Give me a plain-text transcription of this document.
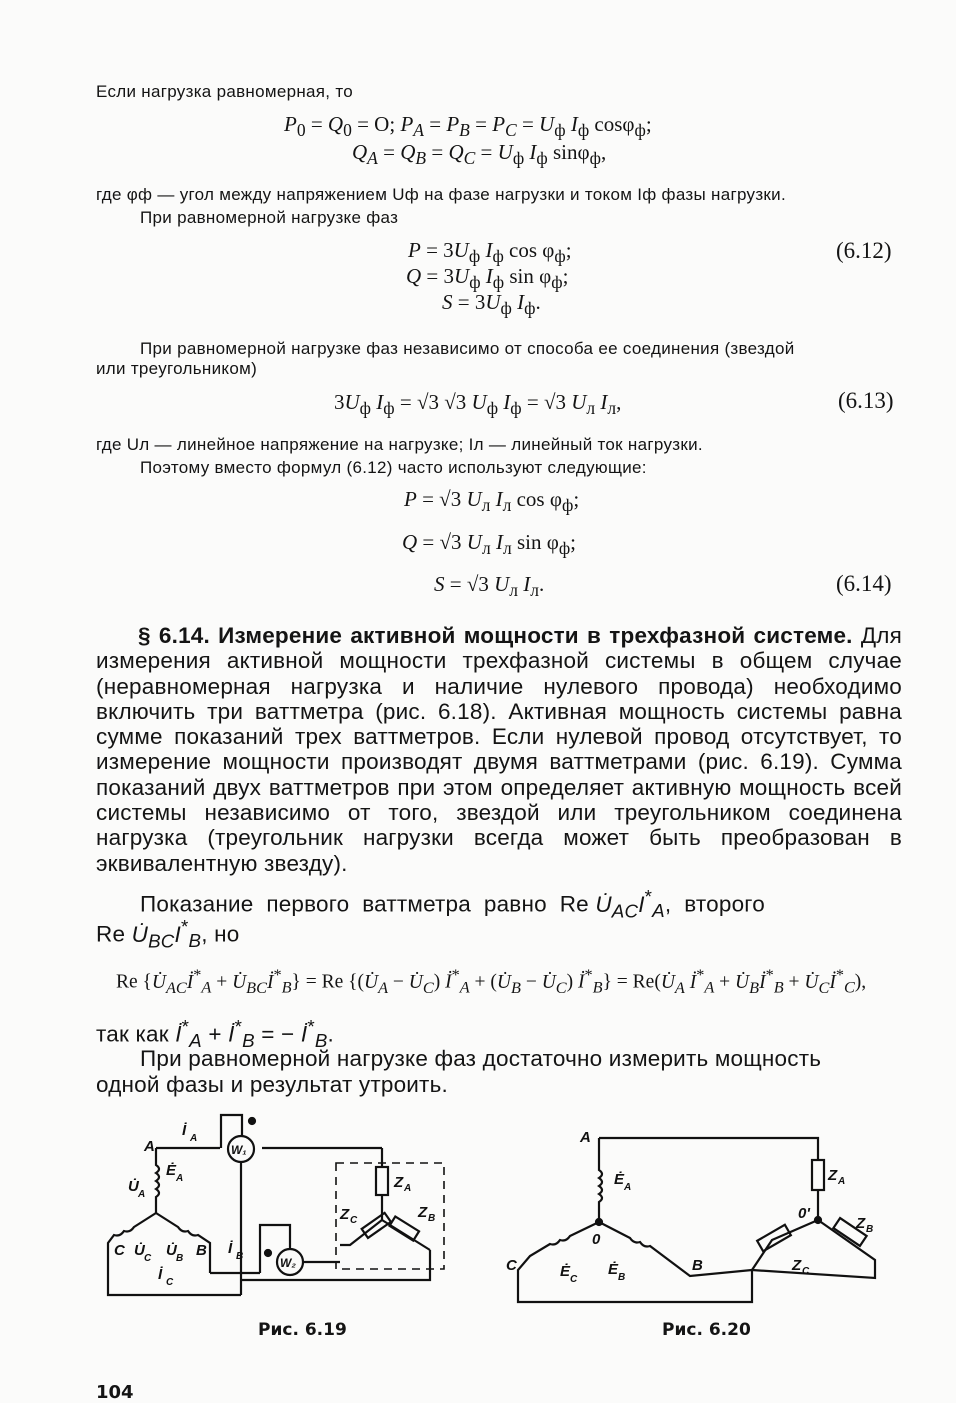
Если нагрузка равномерная, то
$P_0 = Q_0 = O$; $P_A = P_B = P_C = U_ф$ $I_ф$ cosφ$_ф$;
$Q_A = Q_B = Q_C = U_ф$ $I_ф$ sinφ$_ф$,
где φф — угол между напряжением Uф на фазе нагрузки и током Iф фазы нагрузки.
При равномерной нагрузке фаз
$P = 3U_ф$ $I_ф$ $\cos \varphi_ф$;
$Q = 3U_ф$ $I_ф$ $\sin \varphi_ф$;
$S = 3U_ф$ $I_ф$.
(6.12)
При равномерной нагрузке фаз независимо от способа ее соединения (звездой
или треугольником)
$3U_ф$ $I_ф = √3$ √3 $U_ф$ $I_ф = √3$ $U_л$ $I_л$,	(6.13)
где Uл — линейное напряжение на нагрузке; Iл — линейный ток нагрузки.
Поэтому вместо формул (6.12) часто используют следующие:
P = √3 $U_л$ $I_л$ $\cos \varphi_ф$;
Q = √3 $U_л$ $I_л$ $\sin \varphi_ф$;
S = √3 $U_л$ $I_л$.	(6.14)
§ 6.14. Измерение активной мощности в трехфазной системе. Для измерения активной мощности трехфазной системы в общем случае (неравномерная нагрузка и наличие нулевого провода) необходимо включить три ваттметра (рис. 6.18). Активная мощность системы равна сумме показаний трех ваттметров. Если нулевой провод отсутствует, то измерение мощности производят двумя ваттметрами (рис. 6.19). Сумма показаний двух ваттметров при этом определяет активную мощность всей системы независимо от того, звездой или треугольником соединена нагрузка (треугольник нагрузки всегда может быть преобразован в эквивалентную звезду).
Показание  первого  ваттметра  равно  Re $U̇_{AC}I^*_A$,  второго
Re $U̇_{BC}I^*_B$, но
Re {$U̇_{AC}İ^*_A$ + $U̇_{BC}İ^*_B\} = Re$ {($U̇_A$ − $U̇_C$) $İ^*_A$ + ($U̇_B$ − $U̇_C$) $İ^*_B$} = $Re(U̇_A$ $İ^*_A$ + $U̇_Bİ^*_B$ + $U̇_Cİ^*_C$),
так как $İ^*_A$ + $İ^*_B$ = − $İ^*_B$.
При равномерной нагрузке фаз достаточно измерить мощность
одной фазы и результат утроить.
A
İ A
W₁
U̇ A
Ė A	Z A
Z C	Z B
C U̇ C U̇ B B İ B	W₂
İ C
Рис. 6.19
A
Ė A
Z A
0'
0
Z B
C	Ė C
Ė B
B	Z C
Рис. 6.20
104
